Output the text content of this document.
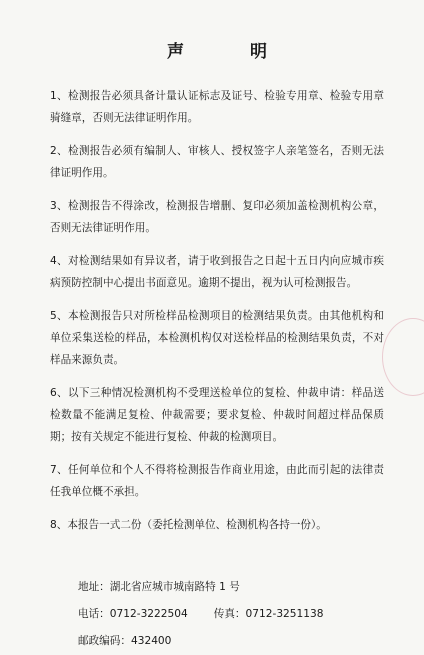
声 明
1、检测报告必须具备计量认证标志及证号、检验专用章、检验专用章骑缝章，否则无法律证明作用。
2、检测报告必须有编制人、审核人、授权签字人亲笔签名，否则无法律证明作用。
3、检测报告不得涂改，检测报告增删、复印必须加盖检测机构公章，否则无法律证明作用。
4、对检测结果如有异议者，请于收到报告之日起十五日内向应城市疾病预防控制中心提出书面意见。逾期不提出，视为认可检测报告。
5、本检测报告只对所检样品检测项目的检测结果负责。由其他机构和单位采集送检的样品，本检测机构仅对送检样品的检测结果负责，不对样品来源负责。
6、以下三种情况检测机构不受理送检单位的复检、仲裁申请：样品送检数量不能满足复检、仲裁需要；要求复检、仲裁时间超过样品保质期；按有关规定不能进行复检、仲裁的检测项目。
7、任何单位和个人不得将检测报告作商业用途，由此而引起的法律责任我单位概不承担。
8、本报告一式二份（委托检测单位、检测机构各持一份）。
地址：湖北省应城市城南路特 1 号
电话：0712-3222504 传真：0712-3251138
邮政编码：432400
